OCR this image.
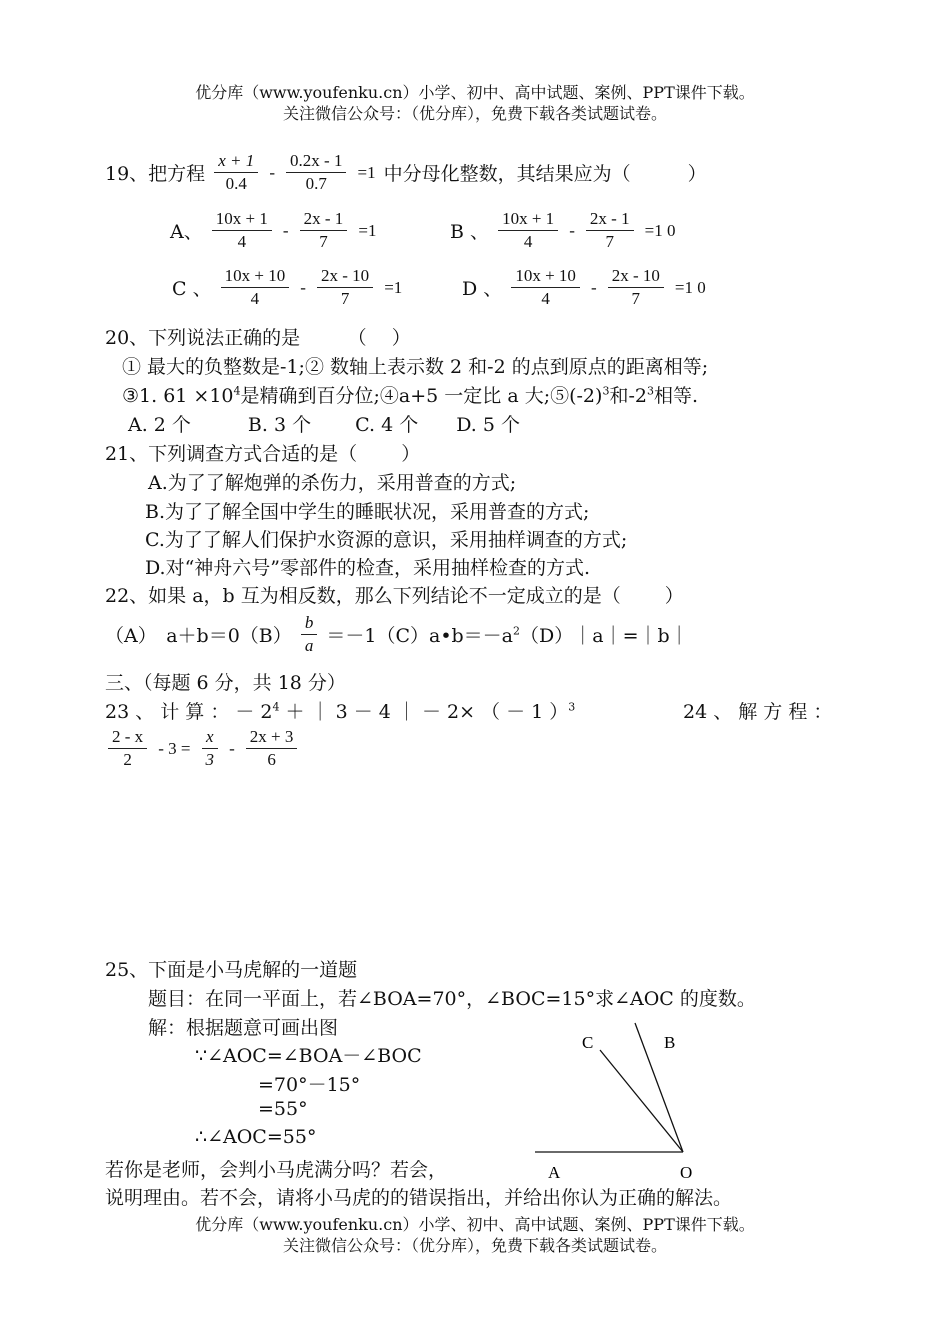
优分库（www.youfenku.cn）小学、初中、高中试题、案例、PPT课件下载。
关注微信公众号：（优分库），免费下载各类试题试卷。
19、把方程 $\frac{x + 1}{0.4} - \frac{0.2x - 1}{0.7} =1$ 中分母化整数，其结果应为（　　　）
A、 $\frac{10x + 1}{4} - \frac{2x - 1}{7} =1$	B 、 $\frac{10x + 1}{4} - \frac{2x - 1}{7} =1$ 0
C 、 $\frac{10x + 10}{4} - \frac{2x - 10}{7} =1$	D 、 $\frac{10x + 10}{4} - \frac{2x - 10}{7} =1$ 0
20、下列说法正确的是　　　（　 ）
① 最大的负整数是-1;② 数轴上表示数 2 和-2 的点到原点的距离相等;
③1. $61 \times 10^4$是精确到百分位;④a+5 一定比 a 大$;⑤(-2)^3$和$-2^3$相等.
A. 2 个　　　B. 3 个　　 C. 4 个　　D. 5 个
21、下列调查方式合适的是（　　 ）
A.为了了解炮弹的杀伤力，采用普查的方式;
B.为了了解全国中学生的睡眠状况，采用普查的方式;
C.为了了解人们保护水资源的意识，采用抽样调查的方式;
D.对“神舟六号”零部件的检查，采用抽样检查的方式.
22、如果 a，b 互为相反数，那么下列结论不一定成立的是（　　 ）
（A）　$a+b=0(B) \frac{b}{a}$ $=-1(C)a•b=-a^2(D)|a|=|b|$
三、（每题 6 分，共 18 分）
23 、 计 算 ： － $2^4$ ＋ ｜ 3 － 4 ｜ － 2× （ － 1 ）$^3$	24 、 解 方 程 ：
$\frac{2 - x}{2} - 3 = \frac{x}{3} - \frac{2x + 3}{6}$
25、下面是小马虎解的一道题
题目：在同一平面上，若∠BOA=70°，∠BOC=15°求∠AOC 的度数。
解：根据题意可画出图
∵∠AOC=∠BOA－∠BOC
=70°－15°
=55°
∴∠AOC=55°
若你是老师，会判小马虎满分吗？若会，
说明理由。若不会，请将小马虎的的错误指出，并给出你认为正确的解法。
C	B
A	O
优分库（www.youfenku.cn）小学、初中、高中试题、案例、PPT课件下载。
关注微信公众号：（优分库），免费下载各类试题试卷。
